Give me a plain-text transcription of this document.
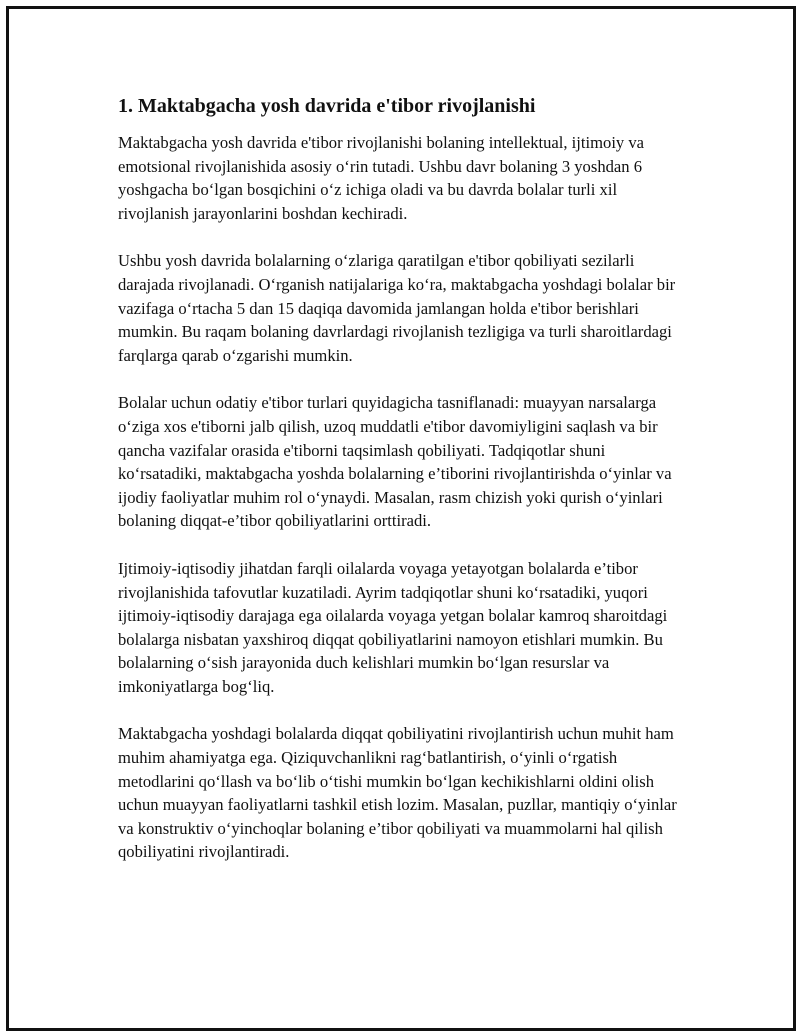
1. Maktabgacha yosh davrida e'tibor rivojlanishi

Maktabgacha yosh davrida e'tibor rivojlanishi bolaning intellektual, ijtimoiy va emotsional rivojlanishida asosiy o‘rin tutadi. Ushbu davr bolaning 3 yoshdan 6 yoshgacha bo‘lgan bosqichini o‘z ichiga oladi va bu davrda bolalar turli xil rivojlanish jarayonlarini boshdan kechiradi.

Ushbu yosh davrida bolalarning o‘zlariga qaratilgan e'tibor qobiliyati sezilarli darajada rivojlanadi. O‘rganish natijalariga ko‘ra, maktabgacha yoshdagi bolalar bir vazifaga o‘rtacha 5 dan 15 daqiqa davomida jamlangan holda e'tibor berishlari mumkin. Bu raqam bolaning davrlardagi rivojlanish tezligiga va turli sharoitlardagi farqlarga qarab o‘zgarishi mumkin.

Bolalar uchun odatiy e'tibor turlari quyidagicha tasniflanadi: muayyan narsalarga o‘ziga xos e'tiborni jalb qilish, uzoq muddatli e'tibor davomiyligini saqlash va bir qancha vazifalar orasida e'tiborni taqsimlash qobiliyati. Tadqiqotlar shuni ko‘rsatadiki, maktabgacha yoshda bolalarning e’tiborini rivojlantirishda o‘yinlar va ijodiy faoliyatlar muhim rol o‘ynaydi. Masalan, rasm chizish yoki qurish o‘yinlari bolaning diqqat-e’tibor qobiliyatlarini orttiradi.

Ijtimoiy-iqtisodiy jihatdan farqli oilalarda voyaga yetayotgan bolalarda e’tibor rivojlanishida tafovutlar kuzatiladi. Ayrim tadqiqotlar shuni ko‘rsatadiki, yuqori ijtimoiy-iqtisodiy darajaga ega oilalarda voyaga yetgan bolalar kamroq sharoitdagi bolalarga nisbatan yaxshiroq diqqat qobiliyatlarini namoyon etishlari mumkin. Bu bolalarning o‘sish jarayonida duch kelishlari mumkin bo‘lgan resurslar va imkoniyatlarga bog‘liq.

Maktabgacha yoshdagi bolalarda diqqat qobiliyatini rivojlantirish uchun muhit ham muhim ahamiyatga ega. Qiziquvchanlikni rag‘batlantirish, o‘yinli o‘rgatish metodlarini qo‘llash va bo‘lib o‘tishi mumkin bo‘lgan kechikishlarni oldini olish uchun muayyan faoliyatlarni tashkil etish lozim. Masalan, puzllar, mantiqiy o‘yinlar va konstruktiv o‘yinchoqlar bolaning e’tibor qobiliyati va muammolarni hal qilish qobiliyatini rivojlantiradi.
